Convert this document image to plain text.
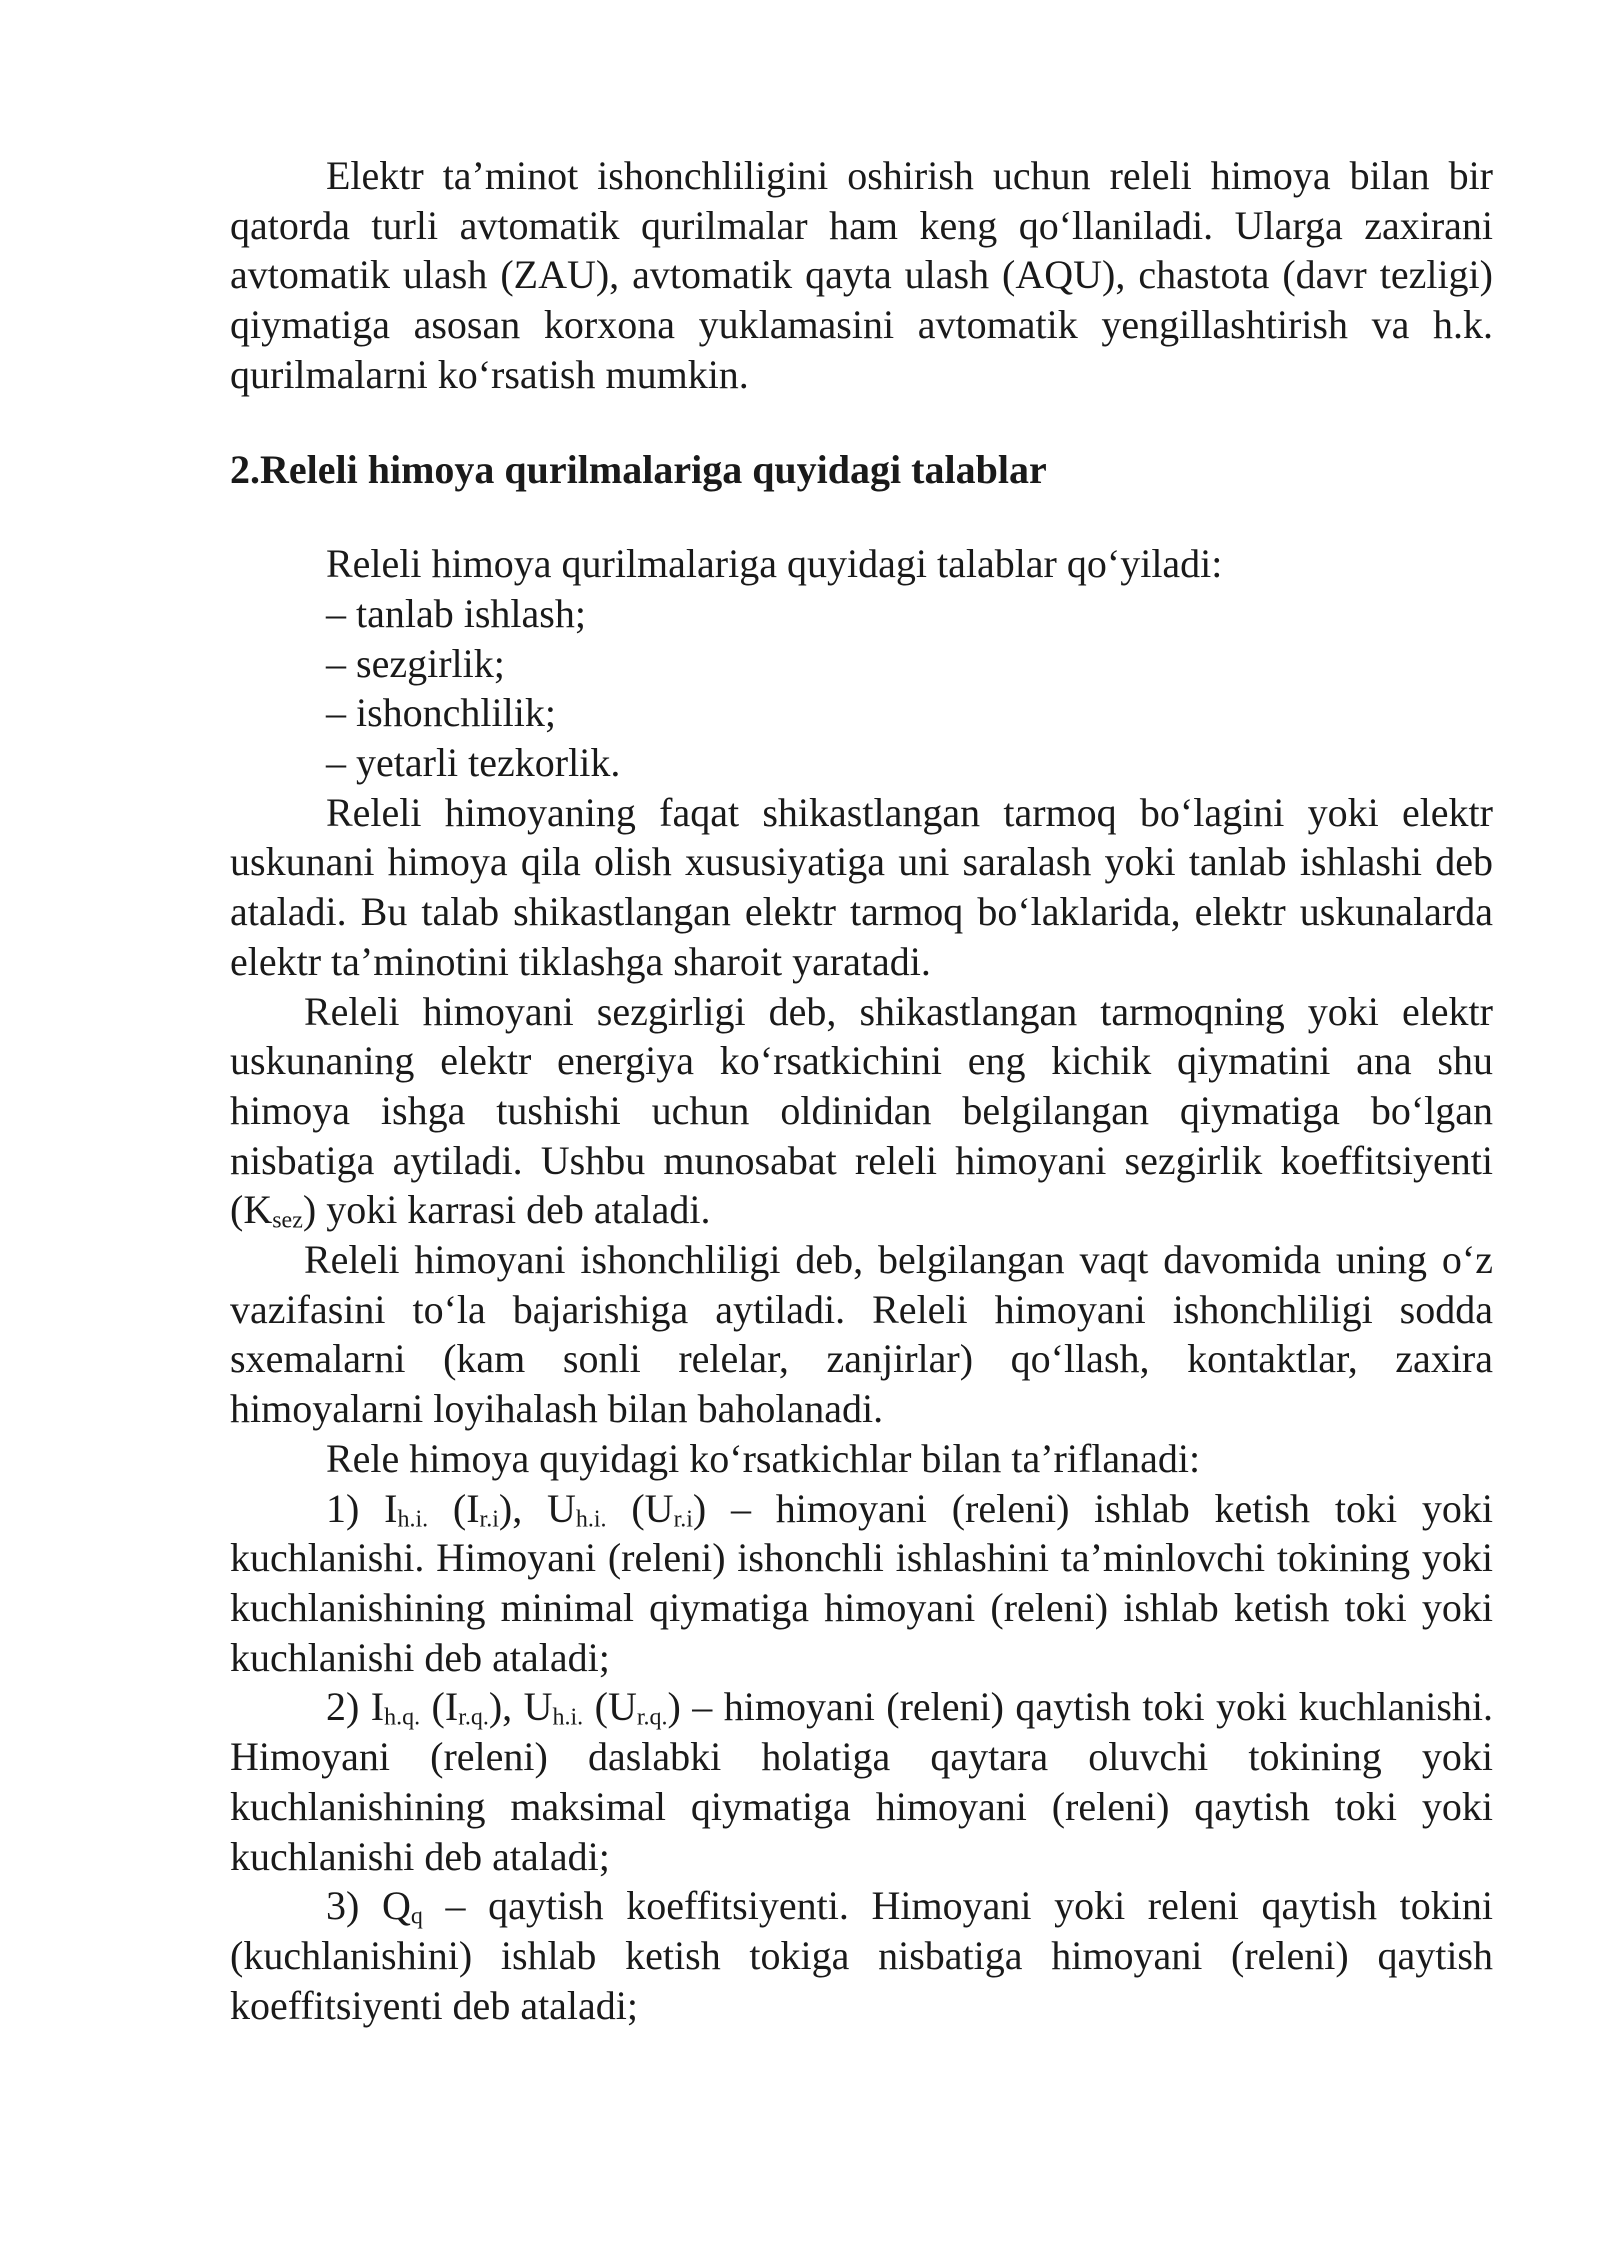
Elektr ta’minot ishonchliligini oshirish uchun releli himoya bilan bir qatorda turli avtomatik qurilmalar ham keng qo‘llaniladi. Ularga zaxirani avtomatik ulash (ZAU), avtomatik qayta ulash (AQU), chastota (davr tezligi) qiymatiga asosan korxona yuklamasini avtomatik yengillashtirish va h.k. qurilmalarni ko‘rsatish mumkin.

2.Releli himoya qurilmalariga quyidagi talablar

Releli himoya qurilmalariga quyidagi talablar qo‘yiladi:

– tanlab ishlash;

– sezgirlik;

– ishonchlilik;

– yetarli tezkorlik.

Releli himoyaning faqat shikastlangan tarmoq bo‘lagini yoki elektr uskunani himoya qila olish xususiyatiga uni saralash yoki tanlab ishlashi deb ataladi. Bu talab shikastlangan elektr tarmoq bo‘laklarida, elektr uskunalarda elektr ta’minotini tiklashga sharoit yaratadi.

Releli himoyani sezgirligi deb, shikastlangan tarmoqning yoki elektr uskunaning elektr energiya ko‘rsatkichini eng kichik qiymatini ana shu himoya ishga tushishi uchun oldinidan belgilangan qiymatiga bo‘lgan nisbatiga aytiladi. Ushbu munosabat releli himoyani sezgirlik koeffitsiyenti $(K_{sez})$ yoki karrasi deb ataladi.

Releli himoyani ishonchliligi deb, belgilangan vaqt davomida uning o‘z vazifasini to‘la bajarishiga aytiladi. Releli himoyani ishonchliligi sodda sxemalarni (kam sonli relelar, zanjirlar) qo‘llash, kontaktlar, zaxira himoyalarni loyihalash bilan baholanadi.

Rele himoya quyidagi ko‘rsatkichlar bilan ta’riflanadi:

1) $I_{h.i.}$ $(I_{r.i})$, $U_{h.i.}$ $(U_{r.i})$ – himoyani (releni) ishlab ketish toki yoki kuchlanishi. Himoyani (releni) ishonchli ishlashini ta’minlovchi tokining yoki kuchlanishining minimal qiymatiga himoyani (releni) ishlab ketish toki yoki kuchlanishi deb ataladi;

2) $I_{h.q.}$ $(I_{r.q.})$, $U_{h.i.}$ $(U_{r.q.})$ – himoyani (releni) qaytish toki yoki kuchlanishi. Himoyani (releni) daslabki holatiga qaytara oluvchi tokining yoki kuchlanishining maksimal qiymatiga himoyani (releni) qaytish toki yoki kuchlanishi deb ataladi;

3) $Q_q$ – qaytish koeffitsiyenti. Himoyani yoki releni qaytish tokini (kuchlanishini) ishlab ketish tokiga nisbatiga himoyani (releni) qaytish koeffitsiyenti deb ataladi;
